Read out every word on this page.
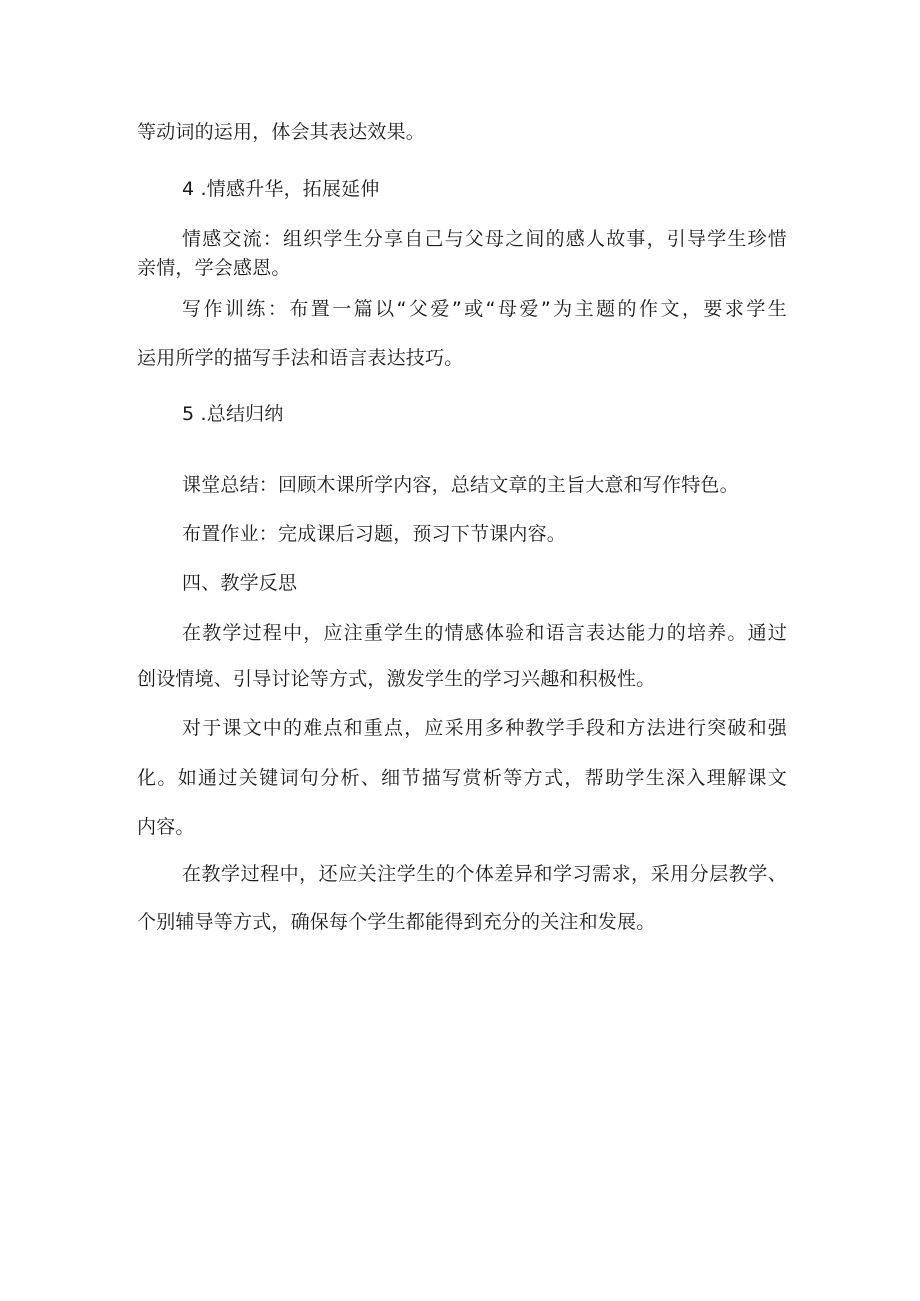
等动词的运用，体会其表达效果。
4 .情感升华，拓展延伸
情感交流：组织学生分享自己与父母之间的感人故事，引导学生珍惜
亲情，学会感恩。
写作训练：布置一篇以“父爱”或“母爱”为主题的作文，要求学生
运用所学的描写手法和语言表达技巧。
5 .总结归纳
课堂总结：回顾木课所学内容，总结文章的主旨大意和写作特色。
布置作业：完成课后习题，预习下节课内容。
四、教学反思
在教学过程中，应注重学生的情感体验和语言表达能力的培养。通过
创设情境、引导讨论等方式，激发学生的学习兴趣和积极性。
对于课文中的难点和重点，应采用多种教学手段和方法进行突破和强
化。如通过关键词句分析、细节描写赏析等方式，帮助学生深入理解课文
内容。
在教学过程中，还应关注学生的个体差异和学习需求，采用分层教学、
个别辅导等方式，确保每个学生都能得到充分的关注和发展。
